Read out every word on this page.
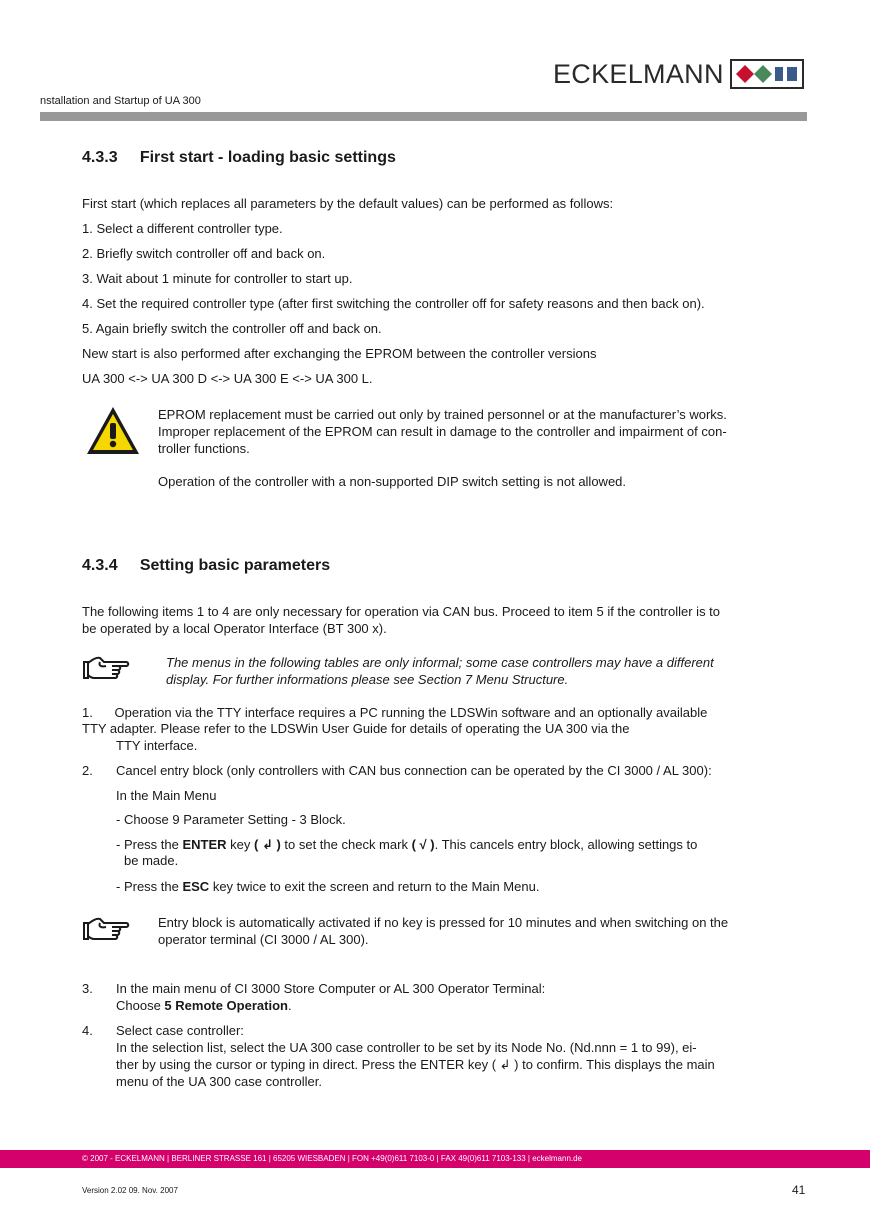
ECKELMANN
nstallation and Startup of UA 300
4.3.3     First start - loading basic settings
First start (which replaces all parameters by the default values) can be performed as follows:
1. Select a different controller type.
2. Briefly switch controller off and back on.
3. Wait about 1 minute for controller to start up.
4. Set the required controller type (after first switching the controller off for safety reasons and then back on).
5. Again briefly switch the controller off and back on.
New start is also performed after exchanging the EPROM between the controller versions
UA 300 <-> UA 300 D <-> UA 300 E <-> UA 300 L.
EPROM replacement must be carried out only by trained personnel or at the manufacturer’s works.
Improper replacement of the EPROM can result in damage to the controller and impairment of con-
troller functions.
Operation of the controller with a non-supported DIP switch setting is not allowed.
4.3.4     Setting basic parameters
The following items 1 to 4 are only necessary for operation via CAN bus. Proceed to item 5 if the controller is to
be operated by a local Operator Interface (BT 300 x).
The menus in the following tables are only informal; some case controllers may have a different
display. For further informations please see Section 7 Menu Structure.
1.      Operation via the TTY interface requires a PC running the LDSWin software and an optionally available
TTY adapter. Please refer to the LDSWin User Guide for details of operating the UA 300 via the
TTY interface.
2. Cancel entry block (only controllers with CAN bus connection can be operated by the CI 3000 / AL 300):
In the Main Menu
- Choose 9 Parameter Setting - 3 Block.
- Press the ENTER key ( ↲ ) to set the check mark ( √ ). This cancels entry block, allowing settings to
be made.
- Press the ESC key twice to exit the screen and return to the Main Menu.
Entry block is automatically activated if no key is pressed for 10 minutes and when switching on the
operator terminal (CI 3000 / AL 300).
3. In the main menu of CI 3000 Store Computer or AL 300 Operator Terminal:
Choose 5 Remote Operation.
4. Select case controller:
In the selection list, select the UA 300 case controller to be set by its Node No. (Nd.nnn = 1 to 99), ei-
ther by using the cursor or typing in direct. Press the ENTER key ( ↲ ) to confirm. This displays the main
menu of the UA 300 case controller.
© 2007 - ECKELMANN | BERLINER STRASSE 161 | 65205 WIESBADEN | FON +49(0)611 7103-0 | FAX 49(0)611 7103-133 | eckelmann.de
Version 2.02 09. Nov. 2007	41
